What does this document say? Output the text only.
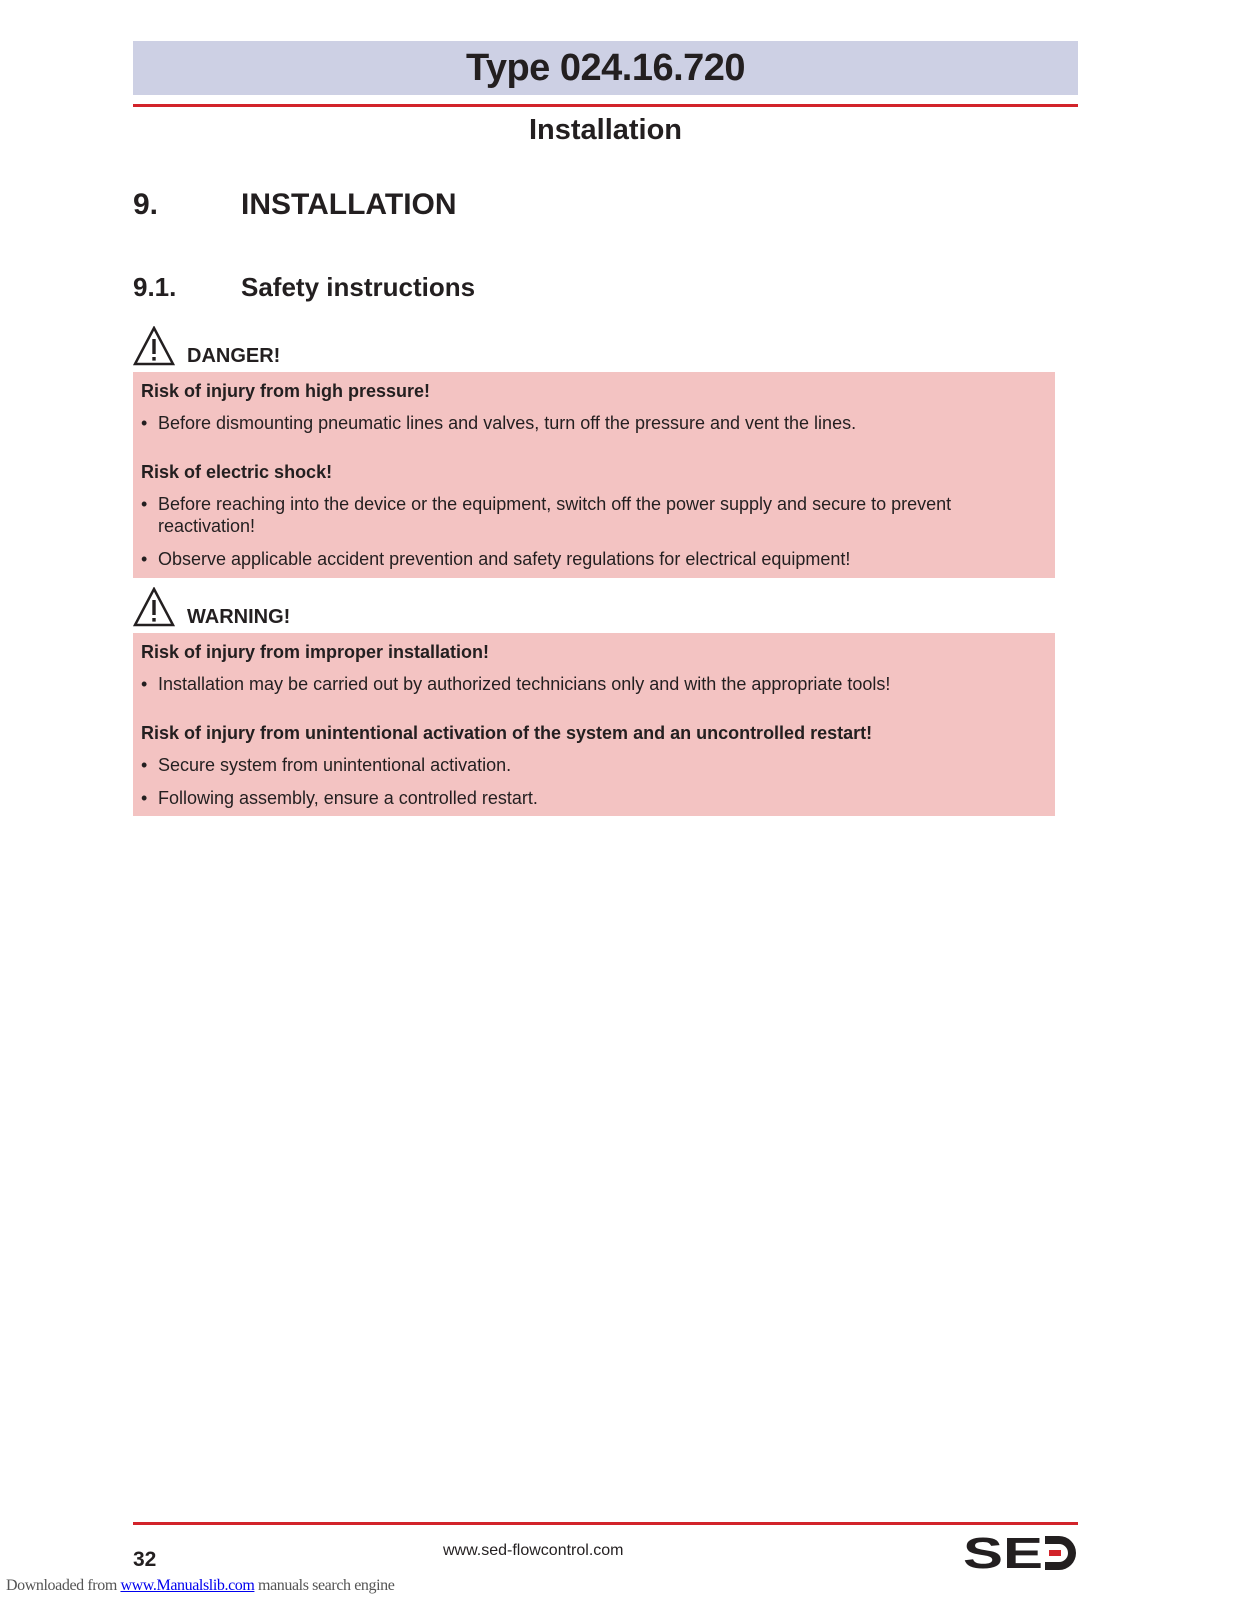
Type 024.16.720
Installation
9.	INSTALLATION
9.1. Safety instructions
DANGER!

Risk of injury from high pressure!

• Before dismounting pneumatic lines and valves, turn off the pressure and vent the lines.

Risk of electric shock!

• Before reaching into the device or the equipment, switch off the power supply and secure to prevent reactivation!
• Observe applicable accident prevention and safety regulations for electrical equipment!
WARNING!

Risk of injury from improper installation!

• Installation may be carried out by authorized technicians only and with the appropriate tools!

Risk of injury from unintentional activation of the system and an uncontrolled restart!

• Secure system from unintentional activation.
• Following assembly, ensure a controlled restart.
32	www.sed-flowcontrol.com	SE
Downloaded from www.Manualslib.com manuals search engine
